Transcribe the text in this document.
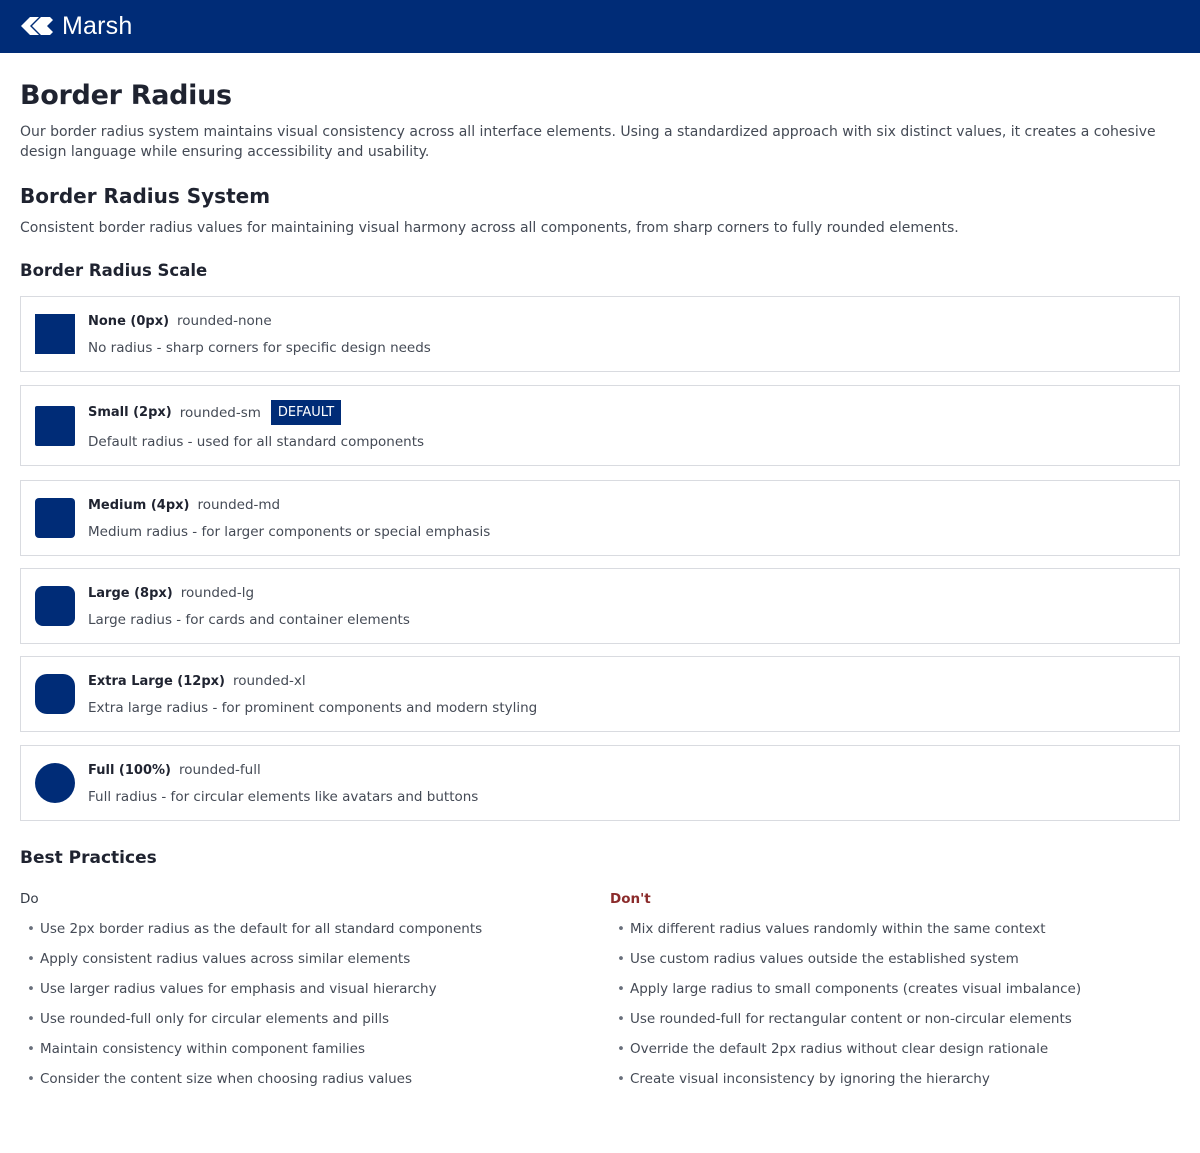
Marsh
Border Radius

Our border radius system maintains visual consistency across all interface elements. Using a standardized approach with six distinct values, it creates a cohesive design language while ensuring accessibility and usability.

Border Radius System

Consistent border radius values for maintaining visual harmony across all components, from sharp corners to fully rounded elements.

Border Radius Scale
None (0px) rounded-none
No radius - sharp corners for specific design needs
Small (2px) rounded-sm	DEFAULT
Default radius - used for all standard components
Medium (4px) rounded-md
Medium radius - for larger components or special emphasis
Large (8px) rounded-lg
Large radius - for cards and container elements
Extra Large (12px) rounded-xl
Extra large radius - for prominent components and modern styling
Full (100%) rounded-full
Full radius - for circular elements like avatars and buttons
Best Practices
Do
• Use 2px border radius as the default for all standard components
• Apply consistent radius values across similar elements
• Use larger radius values for emphasis and visual hierarchy
• Use rounded-full only for circular elements and pills
• Maintain consistency within component families
• Consider the content size when choosing radius values
Don't
• Mix different radius values randomly within the same context
• Use custom radius values outside the established system
• Apply large radius to small components (creates visual imbalance)
• Use rounded-full for rectangular content or non-circular elements
• Override the default 2px radius without clear design rationale
• Create visual inconsistency by ignoring the hierarchy
